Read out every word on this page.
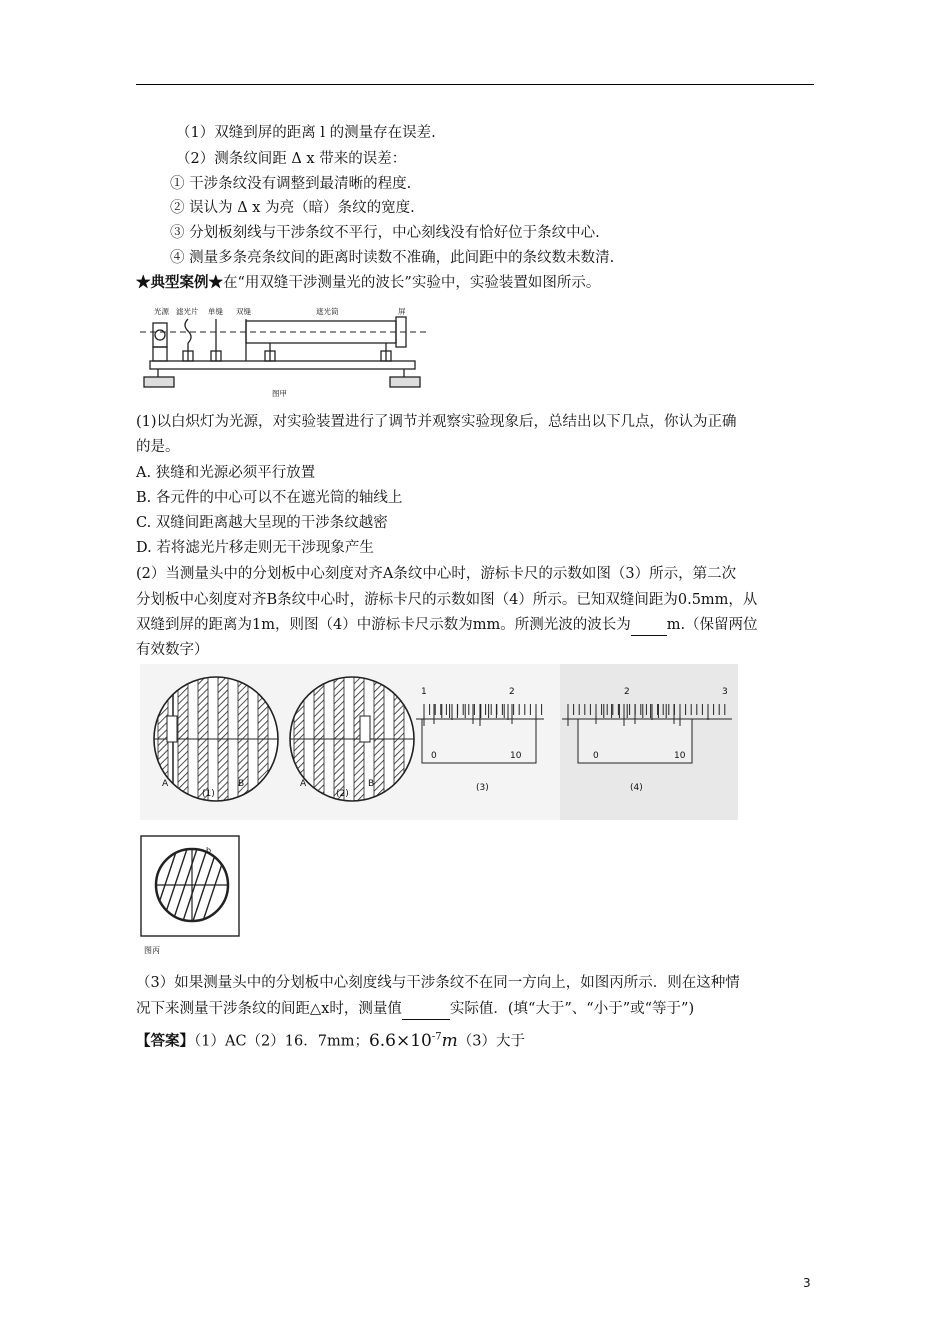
（1）双缝到屏的距离 l 的测量存在误差.
（2）测条纹间距 Δ x 带来的误差：
① 干涉条纹没有调整到最清晰的程度.
② 误认为 Δ x 为亮（暗）条纹的宽度.
③ 分划板刻线与干涉条纹不平行，中心刻线没有恰好位于条纹中心.
④ 测量多条亮条纹间的距离时读数不准确，此间距中的条纹数未数清.
★典型案例★在“用双缝干涉测量光的波长”实验中，实验装置如图所示。
光源 滤光片 单缝 双缝	遮光筒	屏
图甲
(1)以白炽灯为光源，对实验装置进行了调节并观察实验现象后，总结出以下几点，你认为正确
的是。
A. 狭缝和光源必须平行放置
B. 各元件的中心可以不在遮光筒的轴线上
C. 双缝间距离越大呈现的干涉条纹越密
D. 若将滤光片移走则无干涉现象产生
(2）当测量头中的分划板中心刻度对齐A条纹中心时，游标卡尺的示数如图（3）所示，第二次
分划板中心刻度对齐B条纹中心时，游标卡尺的示数如图（4）所示。已知双缝间距为0.5mm，从
双缝到屏的距离为1m，则图（4）中游标卡尺示数为mm。所测光波的波长为 m.（保留两位
有效数字）
A	B
(1)
A	B
(2)
1	2
0	10
(3)
2	3
0	10
(4)
b
图丙
（3）如果测量头中的分划板中心刻度线与干涉条纹不在同一方向上，如图丙所示．则在这种情
况下来测量干涉条纹的间距△x时，测量值	实际值．(填“大于”、“小于”或“等于”)
【答案】（1）AC（2）16．7mm；$6.6\times 10^{-7}m(3)$大于
3
